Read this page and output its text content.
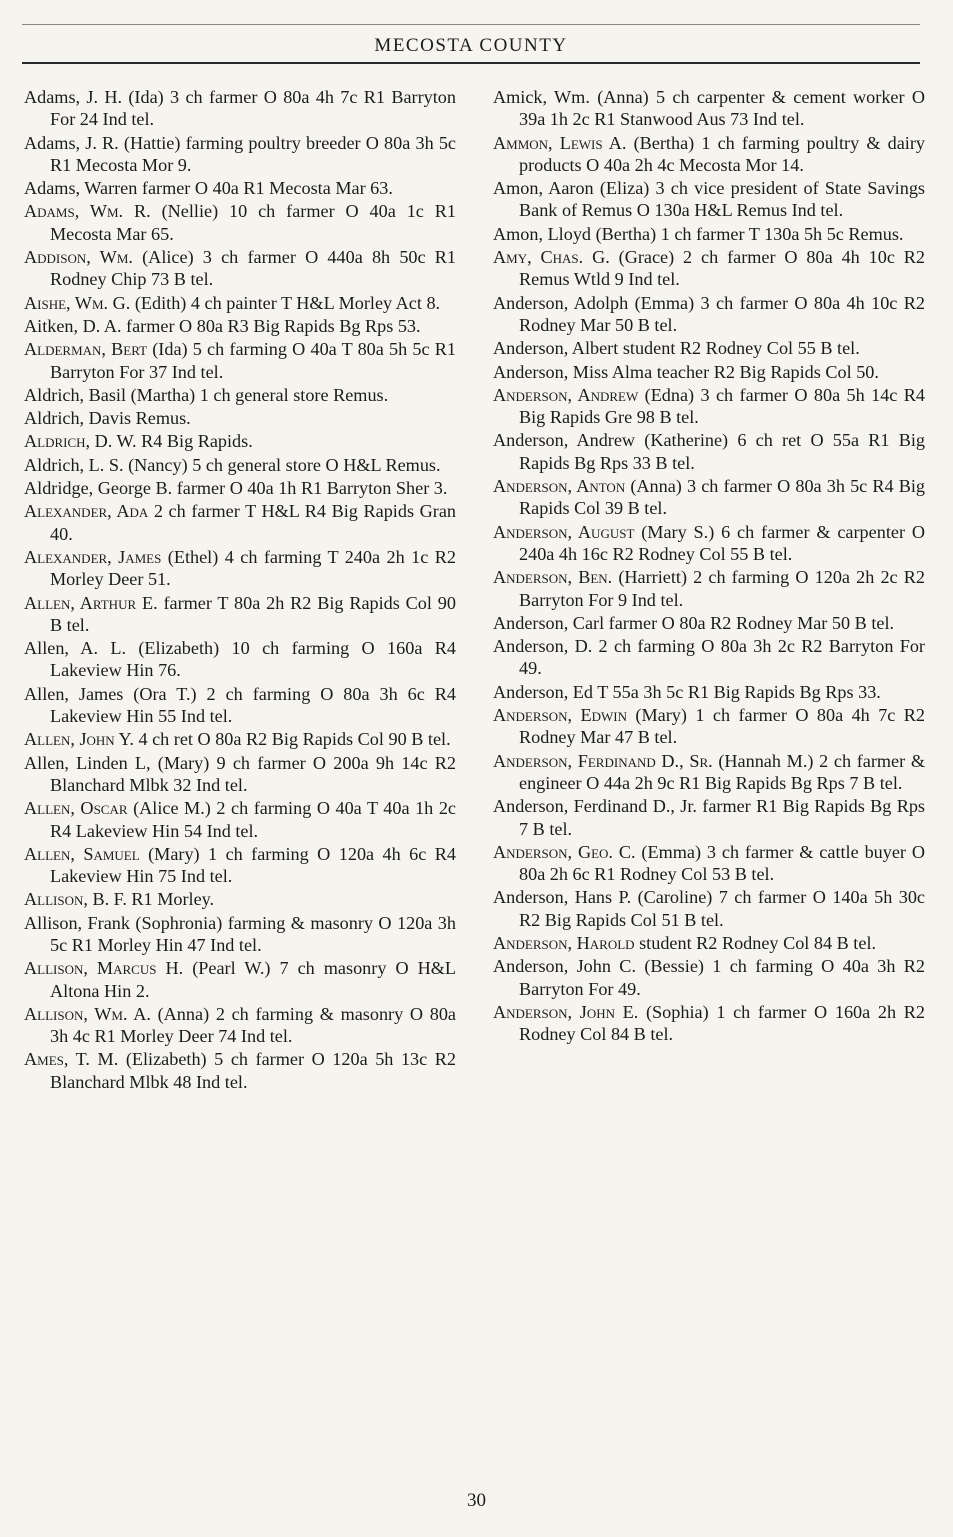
MECOSTA COUNTY

Adams, J. H. (Ida) 3 ch farmer O 80a 4h 7c R1 Barryton For 24 Ind tel.

Adams, J. R. (Hattie) farming poultry breeder O 80a 3h 5c R1 Mecosta Mor 9.

Adams, Warren farmer O 40a R1 Mecosta Mar 63.

Adams, Wm. R. (Nellie) 10 ch farmer O 40a 1c R1 Mecosta Mar 65.

Addison, Wm. (Alice) 3 ch farmer O 440a 8h 50c R1 Rodney Chip 73 B tel.

Aishe, Wm. G. (Edith) 4 ch painter T H&L Morley Act 8.

Aitken, D. A. farmer O 80a R3 Big Rapids Bg Rps 53.

Alderman, Bert (Ida) 5 ch farming O 40a T 80a 5h 5c R1 Barryton For 37 Ind tel.

Aldrich, Basil (Martha) 1 ch general store Remus.

Aldrich, Davis Remus.

Aldrich, D. W. R4 Big Rapids.

Aldrich, L. S. (Nancy) 5 ch general store O H&L Remus.

Aldridge, George B. farmer O 40a 1h R1 Barryton Sher 3.

Alexander, Ada 2 ch farmer T H&L R4 Big Rapids Gran 40.

Alexander, James (Ethel) 4 ch farming T 240a 2h 1c R2 Morley Deer 51.

Allen, Arthur E. farmer T 80a 2h R2 Big Rapids Col 90 B tel.

Allen, A. L. (Elizabeth) 10 ch farming O 160a R4 Lakeview Hin 76.

Allen, James (Ora T.) 2 ch farming O 80a 3h 6c R4 Lakeview Hin 55 Ind tel.

Allen, John Y. 4 ch ret O 80a R2 Big Rapids Col 90 B tel.

Allen, Linden L, (Mary) 9 ch farmer O 200a 9h 14c R2 Blanchard Mlbk 32 Ind tel.

Allen, Oscar (Alice M.) 2 ch farming O 40a T 40a 1h 2c R4 Lakeview Hin 54 Ind tel.

Allen, Samuel (Mary) 1 ch farming O 120a 4h 6c R4 Lakeview Hin 75 Ind tel.

Allison, B. F. R1 Morley.

Allison, Frank (Sophronia) farming & masonry O 120a 3h 5c R1 Morley Hin 47 Ind tel.

Allison, Marcus H. (Pearl W.) 7 ch masonry O H&L Altona Hin 2.

Allison, Wm. A. (Anna) 2 ch farming & masonry O 80a 3h 4c R1 Morley Deer 74 Ind tel.

Ames, T. M. (Elizabeth) 5 ch farmer O 120a 5h 13c R2 Blanchard Mlbk 48 Ind tel.

Amick, Wm. (Anna) 5 ch carpenter & cement worker O 39a 1h 2c R1 Stanwood Aus 73 Ind tel.

Ammon, Lewis A. (Bertha) 1 ch farming poultry & dairy products O 40a 2h 4c Mecosta Mor 14.

Amon, Aaron (Eliza) 3 ch vice president of State Savings Bank of Remus O 130a H&L Remus Ind tel.

Amon, Lloyd (Bertha) 1 ch farmer T 130a 5h 5c Remus.

Amy, Chas. G. (Grace) 2 ch farmer O 80a 4h 10c R2 Remus Wtld 9 Ind tel.

Anderson, Adolph (Emma) 3 ch farmer O 80a 4h 10c R2 Rodney Mar 50 B tel.

Anderson, Albert student R2 Rodney Col 55 B tel.

Anderson, Miss Alma teacher R2 Big Rapids Col 50.

Anderson, Andrew (Edna) 3 ch farmer O 80a 5h 14c R4 Big Rapids Gre 98 B tel.

Anderson, Andrew (Katherine) 6 ch ret O 55a R1 Big Rapids Bg Rps 33 B tel.

Anderson, Anton (Anna) 3 ch farmer O 80a 3h 5c R4 Big Rapids Col 39 B tel.

Anderson, August (Mary S.) 6 ch farmer & carpenter O 240a 4h 16c R2 Rodney Col 55 B tel.

Anderson, Ben. (Harriett) 2 ch farming O 120a 2h 2c R2 Barryton For 9 Ind tel.

Anderson, Carl farmer O 80a R2 Rodney Mar 50 B tel.

Anderson, D. 2 ch farming O 80a 3h 2c R2 Barryton For 49.

Anderson, Ed T 55a 3h 5c R1 Big Rapids Bg Rps 33.

Anderson, Edwin (Mary) 1 ch farmer O 80a 4h 7c R2 Rodney Mar 47 B tel.

Anderson, Ferdinand D., Sr. (Hannah M.) 2 ch farmer & engineer O 44a 2h 9c R1 Big Rapids Bg Rps 7 B tel.

Anderson, Ferdinand D., Jr. farmer R1 Big Rapids Bg Rps 7 B tel.

Anderson, Geo. C. (Emma) 3 ch farmer & cattle buyer O 80a 2h 6c R1 Rodney Col 53 B tel.

Anderson, Hans P. (Caroline) 7 ch farmer O 140a 5h 30c R2 Big Rapids Col 51 B tel.

Anderson, Harold student R2 Rodney Col 84 B tel.

Anderson, John C. (Bessie) 1 ch farming O 40a 3h R2 Barryton For 49.

Anderson, John E. (Sophia) 1 ch farmer O 160a 2h R2 Rodney Col 84 B tel.

30
